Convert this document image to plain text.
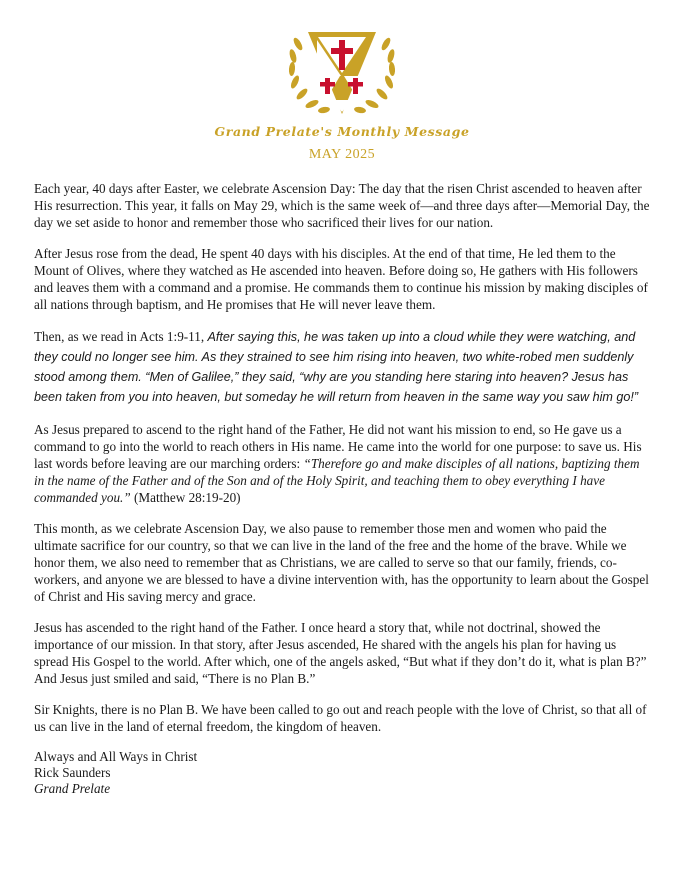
Grand Prelate's Monthly Message
MAY 2025

Each year, 40 days after Easter, we celebrate Ascension Day: The day that the risen Christ ascended to heaven after His resurrection. This year, it falls on May 29, which is the same week of—and three days after—Memorial Day, the day we set aside to honor and remember those who sacrificed their lives for our nation.

After Jesus rose from the dead, He spent 40 days with his disciples. At the end of that time, He led them to the Mount of Olives, where they watched as He ascended into heaven. Before doing so, He gathers with His followers and leaves them with a command and a promise. He commands them to continue his mission by making disciples of all nations through baptism, and He promises that He will never leave them.

Then, as we read in Acts 1:9-11, After saying this, he was taken up into a cloud while they were watching, and they could no longer see him. As they strained to see him rising into heaven, two white-robed men suddenly stood among them. “Men of Galilee,” they said, “why are you standing here staring into heaven? Jesus has been taken from you into heaven, but someday he will return from heaven in the same way you saw him go!”

As Jesus prepared to ascend to the right hand of the Father, He did not want his mission to end, so He gave us a command to go into the world to reach others in His name. He came into the world for one purpose: to save us. His last words before leaving are our marching orders: “Therefore go and make disciples of all nations, baptizing them in the name of the Father and of the Son and of the Holy Spirit, and teaching them to obey everything I have commanded you.” (Matthew 28:19-20)

This month, as we celebrate Ascension Day, we also pause to remember those men and women who paid the ultimate sacrifice for our country, so that we can live in the land of the free and the home of the brave. While we honor them, we also need to remember that as Christians, we are called to serve so that our family, friends, co-workers, and anyone we are blessed to have a divine intervention with, has the opportunity to learn about the Gospel of Christ and His saving mercy and grace.

Jesus has ascended to the right hand of the Father. I once heard a story that, while not doctrinal, showed the importance of our mission. In that story, after Jesus ascended, He shared with the angels his plan for having us spread His Gospel to the world. After which, one of the angels asked, “But what if they don’t do it, what is plan B?” And Jesus just smiled and said, “There is no Plan B.”

Sir Knights, there is no Plan B. We have been called to go out and reach people with the love of Christ, so that all of us can live in the land of eternal freedom, the kingdom of heaven.

Always and All Ways in Christ
Rick Saunders
Grand Prelate
